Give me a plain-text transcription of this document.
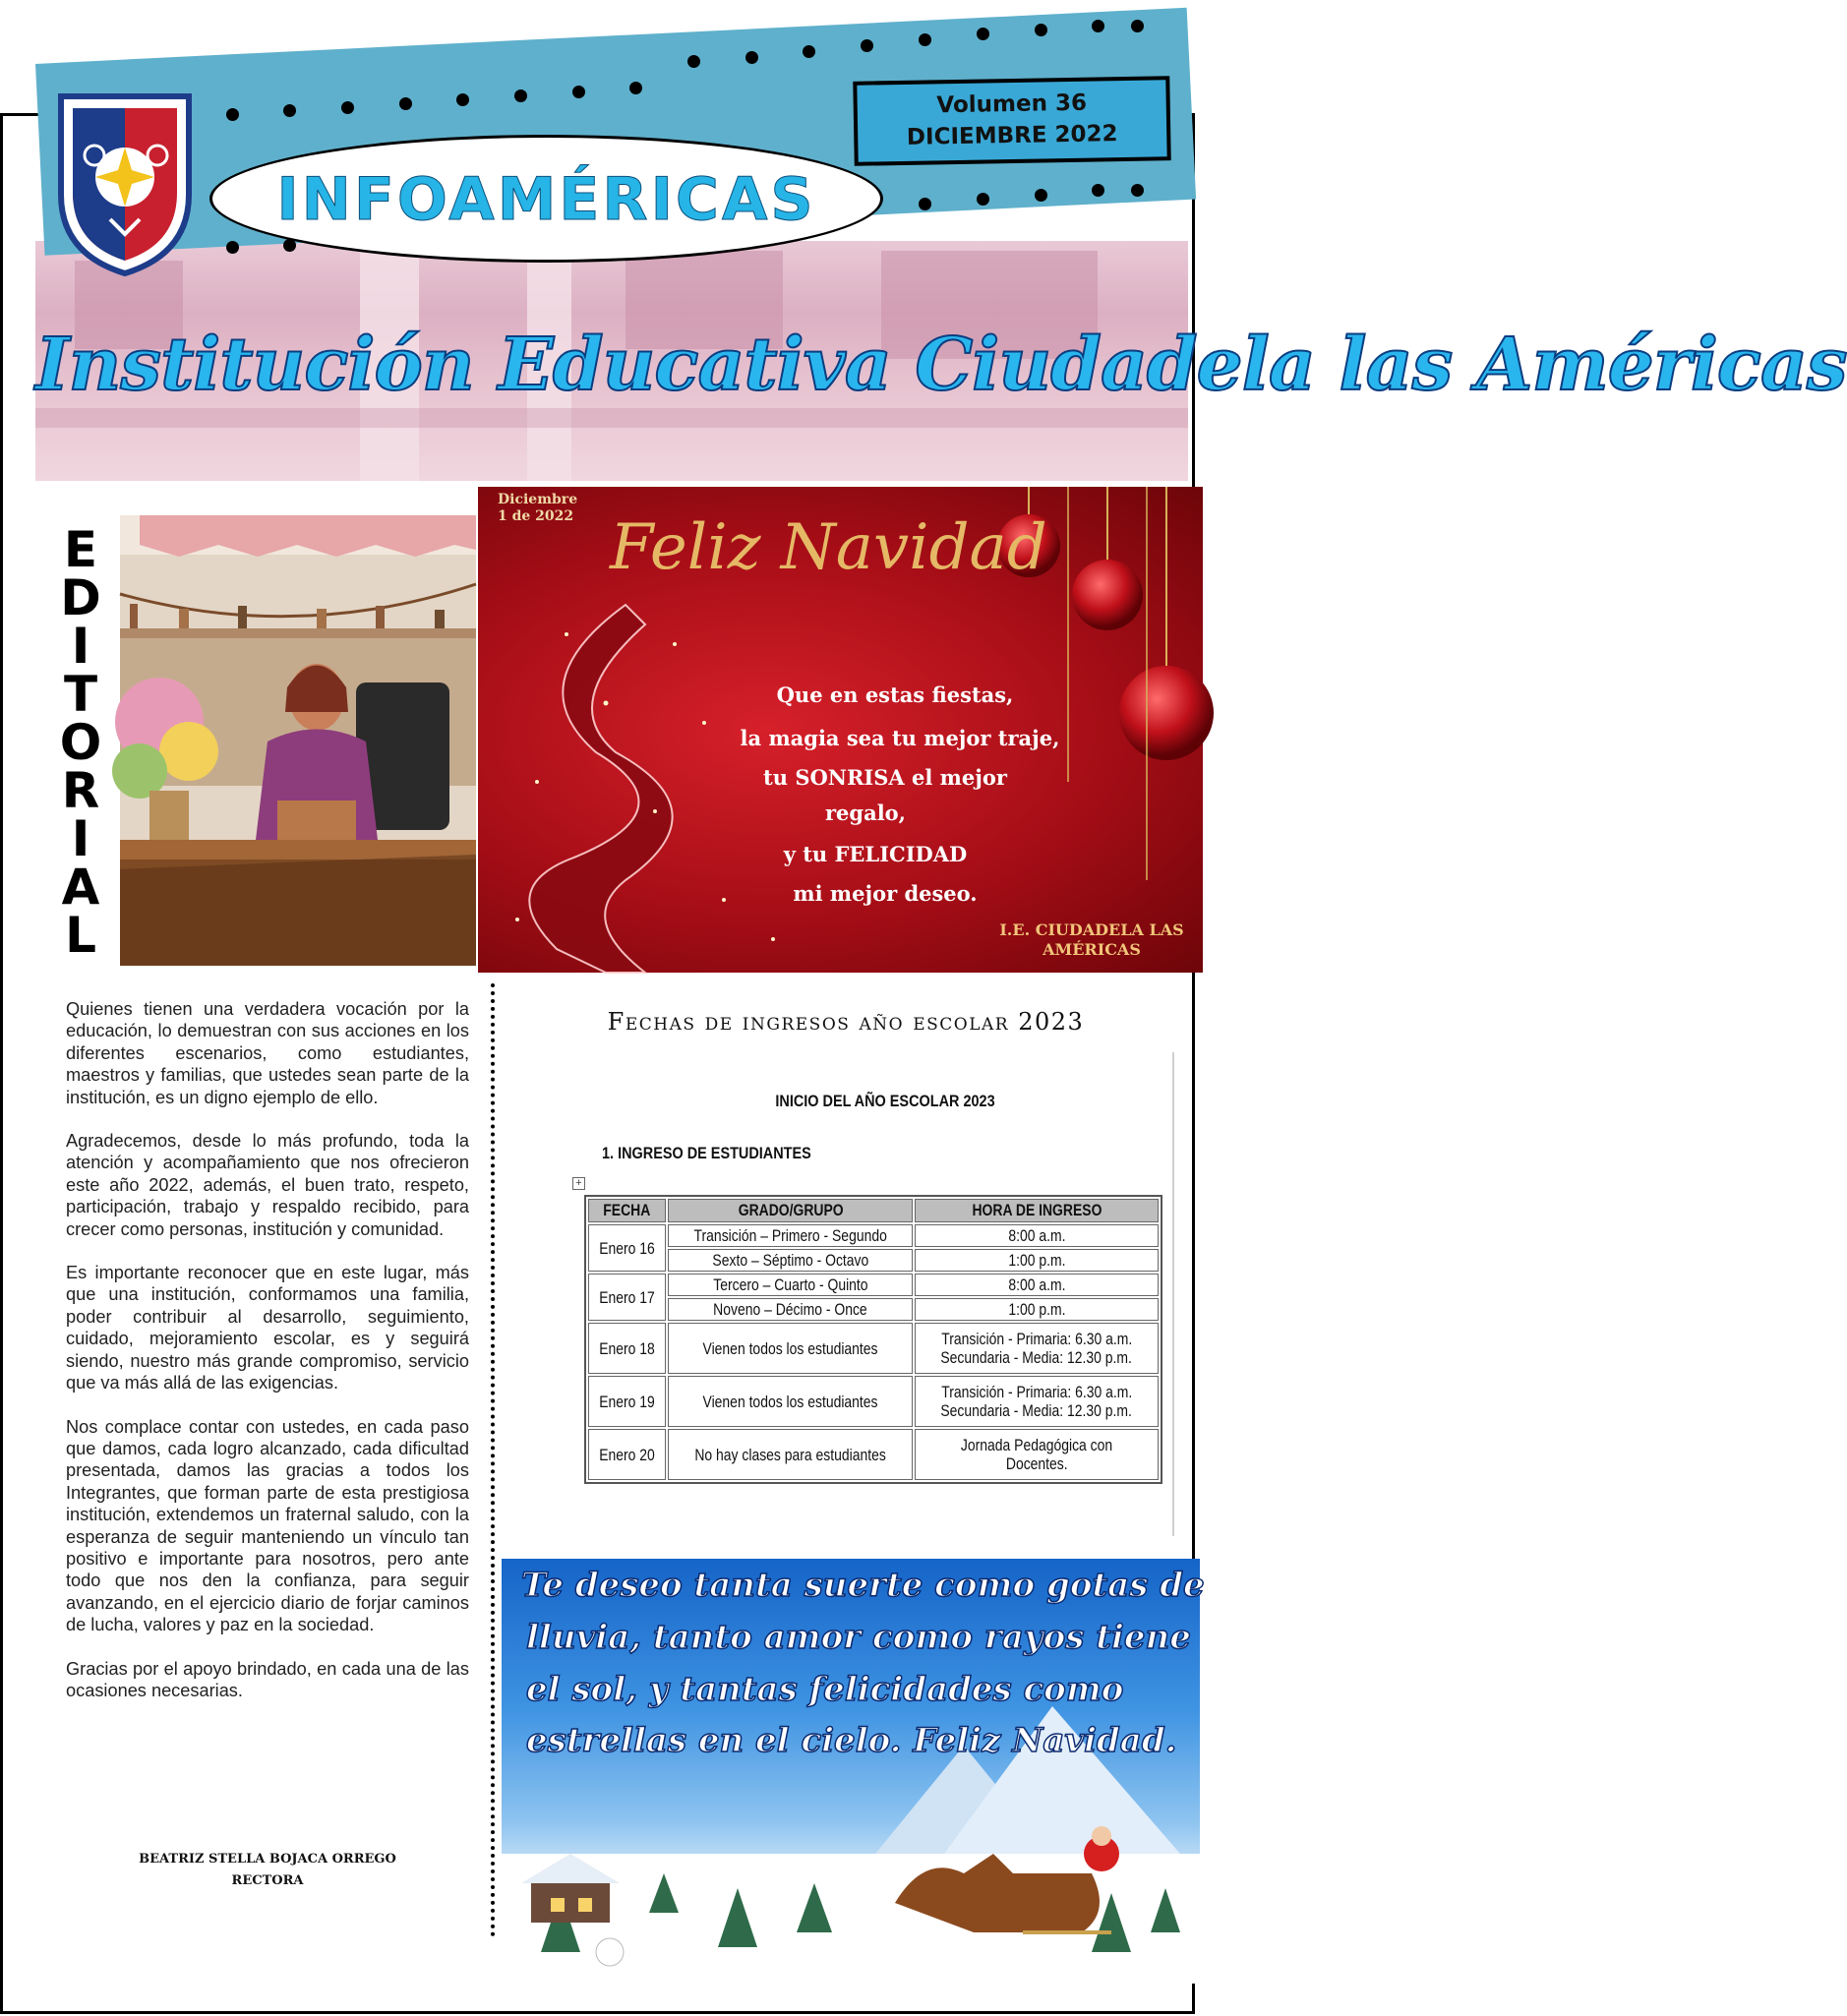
INFOAMÉRICAS
Volumen 36
DICIEMBRE 2022
Institución Educativa Ciudadela las Américas
E
D
I
T
O
R
I
A
L
Diciembre
1 de 2022 Feliz Navidad
Que en estas fiestas,
la magia sea tu mejor traje,
tu SONRISA el mejor
regalo,
y tu FELICIDAD
mi mejor deseo.
I.E. CIUDADELA LAS
AMÉRICAS

Quienes tienen una verdadera vocación por la educación, lo demuestran con sus acciones en los diferentes escenarios, como estudiantes, maestros y familias, que ustedes sean parte de la institución, es un digno ejemplo de ello.

Agradecemos, desde lo más profundo, toda la atención y acompañamiento que nos ofrecieron este año 2022, además, el buen trato, respeto, participación, trabajo y respaldo recibido, para crecer como personas, institución y comunidad.

Es importante reconocer que en este lugar, más que una institución, conformamos una familia, poder contribuir al desarrollo, seguimiento, cuidado, mejoramiento escolar, es y seguirá siendo, nuestro más grande compromiso, servicio que va más allá de las exigencias.

Nos complace contar con ustedes, en cada paso que damos, cada logro alcanzado, cada dificultad presentada, damos las gracias a todos los Integrantes, que forman parte de esta prestigiosa institución, extendemos un fraternal saludo, con la esperanza de seguir manteniendo un vínculo tan positivo e importante para nosotros, pero ante todo que nos den la confianza, para seguir avanzando, en el ejercicio diario de forjar caminos de lucha, valores y paz en la sociedad.

Gracias por el apoyo brindado, en cada una de las ocasiones necesarias.

BEATRIZ STELLA BOJACA ORREGO
RECTORA
Fechas de ingresos año escolar 2023
INICIO DEL AÑO ESCOLAR 2023
1. INGRESO DE ESTUDIANTES
+
FECHA	GRADO/GRUPO	HORA DE INGRESO
Enero 16	Transición – Primero - Segundo	8:00 a.m.
	Sexto – Séptimo - Octavo	1:00 p.m.
Enero 17	Tercero – Cuarto - Quinto	8:00 a.m.
	Noveno – Décimo - Once	1:00 p.m.
Enero 18	Vienen todos los estudiantes	Transición - Primaria: 6.30 a.m.
Secundaria - Media: 12.30 p.m.
Enero 19	Vienen todos los estudiantes	Transición - Primaria: 6.30 a.m.
Secundaria - Media: 12.30 p.m.
Enero 20	No hay clases para estudiantes	Jornada Pedagógica con
Docentes.
Te deseo tanta suerte como gotas de
lluvia, tanto amor como rayos tiene
el sol, y tantas felicidades como
estrellas en el cielo. Feliz Navidad.
